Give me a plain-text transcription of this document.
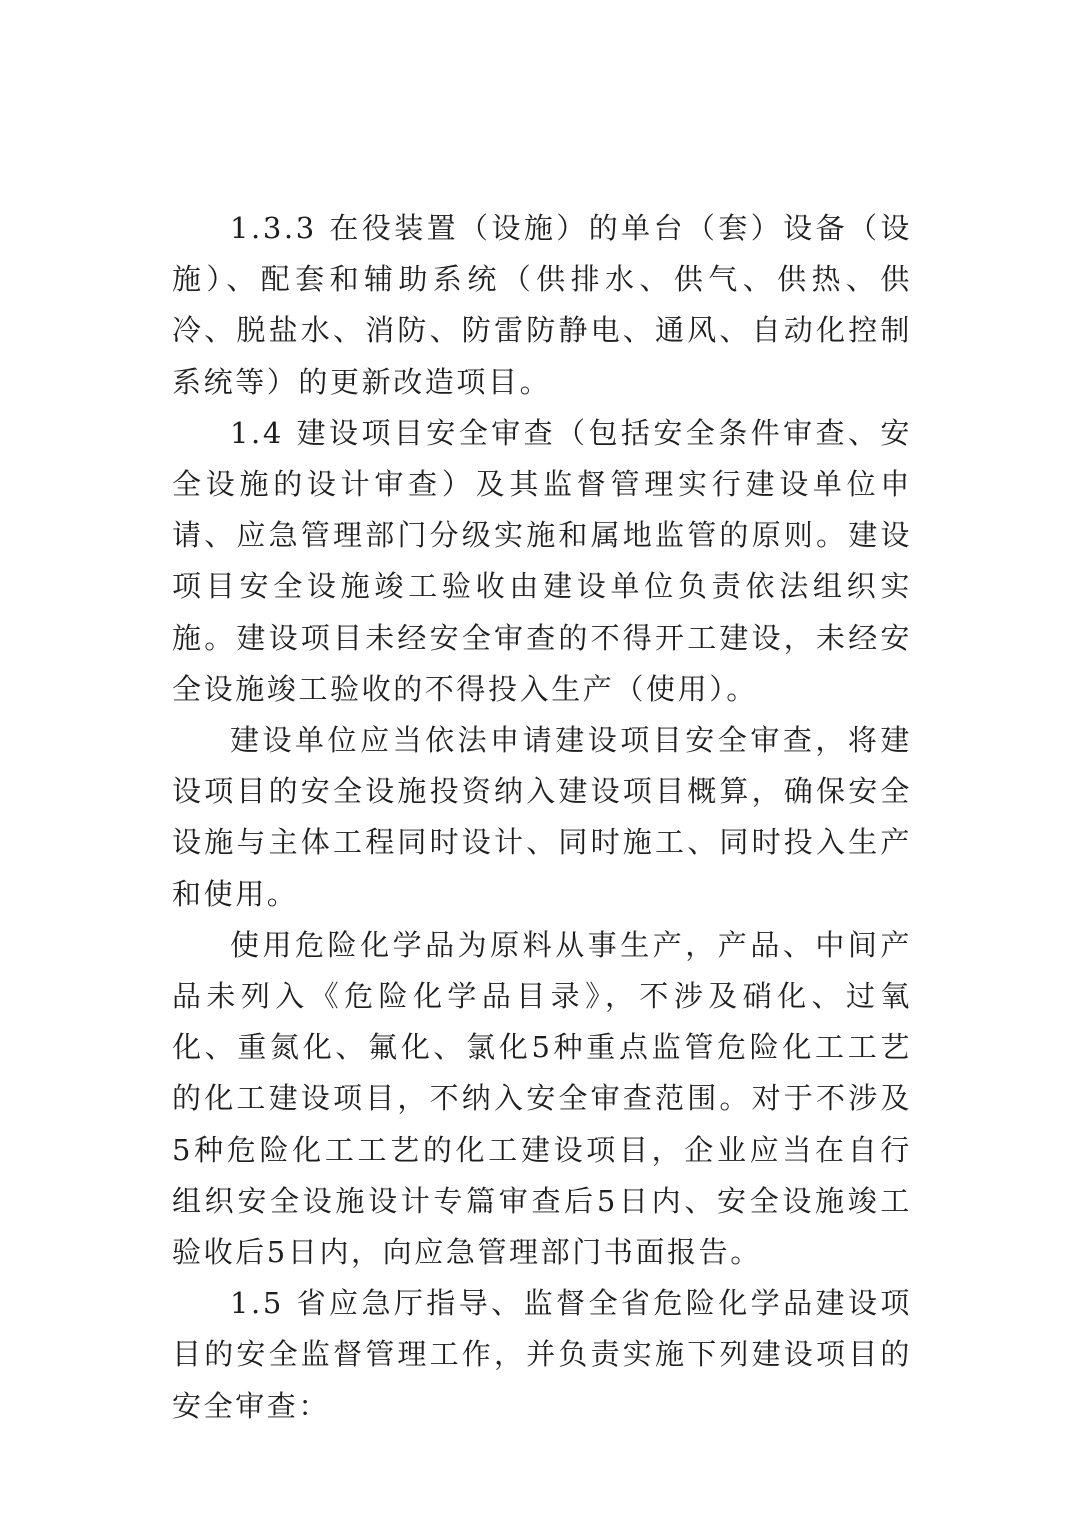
1.3.3 在役装置（设施）的单台（套）设备（设施）、配套和辅助系统（供排水、供气、供热、供冷、脱盐水、消防、防雷防静电、通风、自动化控制系统等）的更新改造项目。

1.4 建设项目安全审查（包括安全条件审查、安全设施的设计审查）及其监督管理实行建设单位申请、应急管理部门分级实施和属地监管的原则。建设项目安全设施竣工验收由建设单位负责依法组织实施。建设项目未经安全审查的不得开工建设，未经安全设施竣工验收的不得投入生产（使用）。

建设单位应当依法申请建设项目安全审查，将建设项目的安全设施投资纳入建设项目概算，确保安全设施与主体工程同时设计、同时施工、同时投入生产和使用。

使用危险化学品为原料从事生产，产品、中间产品未列入《危险化学品目录》，不涉及硝化、过氧化、重氮化、氟化、氯化5种重点监管危险化工工艺的化工建设项目，不纳入安全审查范围。对于不涉及5种危险化工工艺的化工建设项目，企业应当在自行组织安全设施设计专篇审查后5日内、安全设施竣工验收后5日内，向应急管理部门书面报告。

1.5 省应急厅指导、监督全省危险化学品建设项目的安全监督管理工作，并负责实施下列建设项目的安全审查：
